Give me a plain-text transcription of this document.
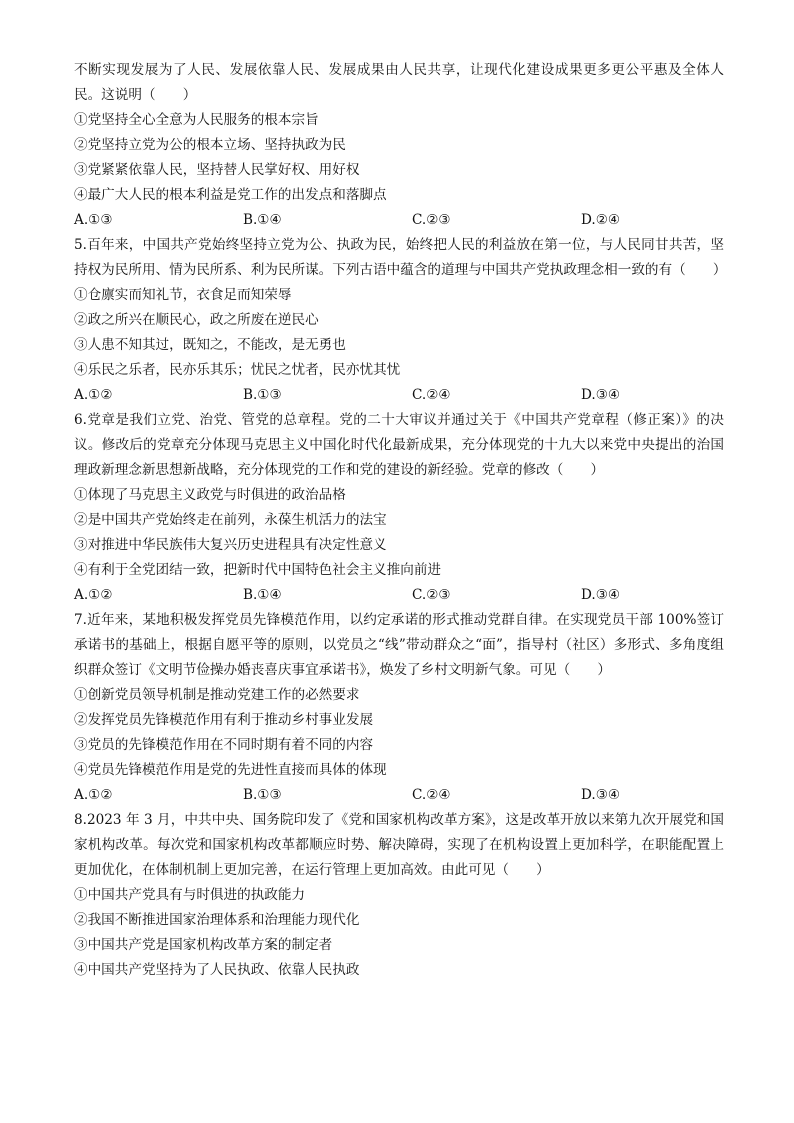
不断实现发展为了人民、发展依靠人民、发展成果由人民共享，让现代化建设成果更多更公平惠及全体人民。这说明（　　）

①党坚持全心全意为人民服务的根本宗旨

②党坚持立党为公的根本立场、坚持执政为民

③党紧紧依靠人民，坚持替人民掌好权、用好权

④最广大人民的根本利益是党工作的出发点和落脚点

A.①③	B.①④	C.②③	D.②④

5.百年来，中国共产党始终坚持立党为公、执政为民，始终把人民的利益放在第一位，与人民同甘共苦，坚持权为民所用、情为民所系、利为民所谋。下列古语中蕴含的道理与中国共产党执政理念相一致的有（　　）

①仓廪实而知礼节，衣食足而知荣辱

②政之所兴在顺民心，政之所废在逆民心

③人患不知其过，既知之，不能改，是无勇也

④乐民之乐者，民亦乐其乐；忧民之忧者，民亦忧其忧

A.①②	B.①③	C.②④	D.③④

6.党章是我们立党、治党、管党的总章程。党的二十大审议并通过关于《中国共产党章程（修正案）》的决议。修改后的党章充分体现马克思主义中国化时代化最新成果，充分体现党的十九大以来党中央提出的治国理政新理念新思想新战略，充分体现党的工作和党的建设的新经验。党章的修改（　　）

①体现了马克思主义政党与时俱进的政治品格

②是中国共产党始终走在前列，永葆生机活力的法宝

③对推进中华民族伟大复兴历史进程具有决定性意义

④有利于全党团结一致，把新时代中国特色社会主义推向前进

A.①②	B.①④	C.②③	D.③④

7.近年来，某地积极发挥党员先锋模范作用，以约定承诺的形式推动党群自律。在实现党员干部 100%签订承诺书的基础上，根据自愿平等的原则，以党员之“线”带动群众之“面”，指导村（社区）多形式、多角度组织群众签订《文明节俭操办婚丧喜庆事宜承诺书》，焕发了乡村文明新气象。可见（　　）

①创新党员领导机制是推动党建工作的必然要求

②发挥党员先锋模范作用有利于推动乡村事业发展

③党员的先锋模范作用在不同时期有着不同的内容

④党员先锋模范作用是党的先进性直接而具体的体现

A.①②	B.①③	C.②④	D.③④

8.2023 年 3 月，中共中央、国务院印发了《党和国家机构改革方案》，这是改革开放以来第九次开展党和国家机构改革。每次党和国家机构改革都顺应时势、解决障碍，实现了在机构设置上更加科学，在职能配置上更加优化，在体制机制上更加完善，在运行管理上更加高效。由此可见（　　）

①中国共产党具有与时俱进的执政能力

②我国不断推进国家治理体系和治理能力现代化

③中国共产党是国家机构改革方案的制定者

④中国共产党坚持为了人民执政、依靠人民执政
